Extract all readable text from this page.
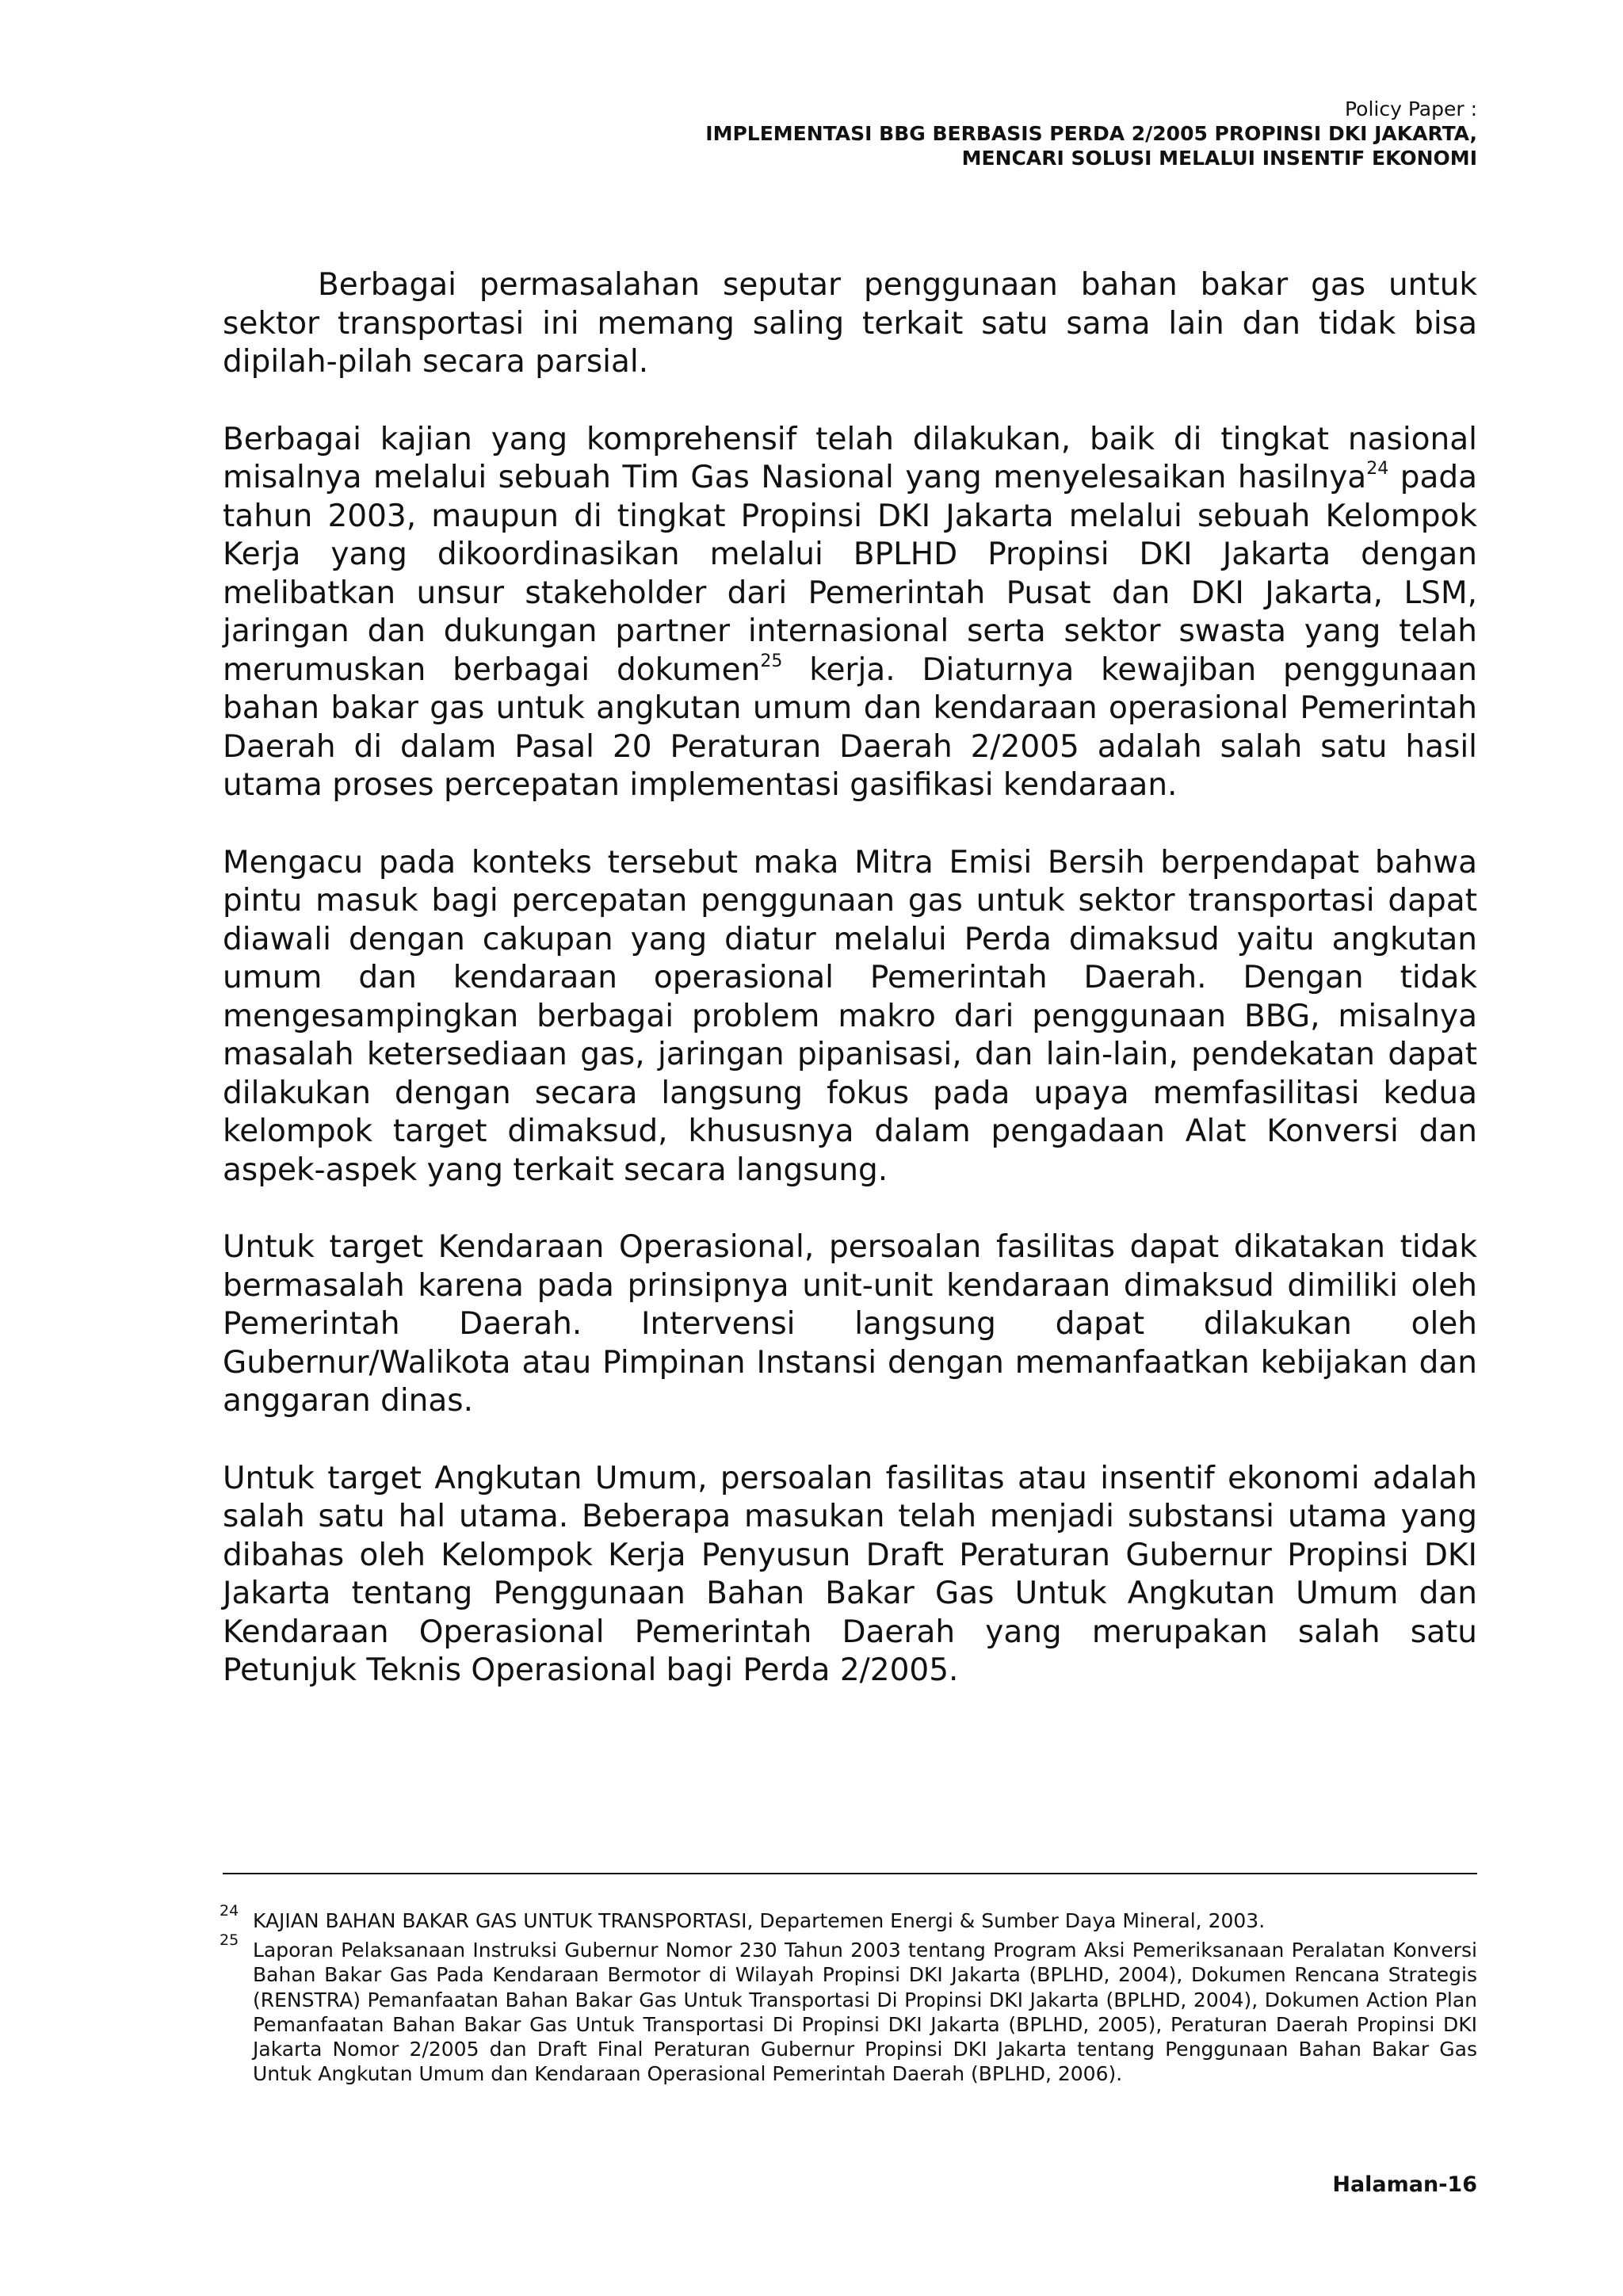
Policy Paper :
IMPLEMENTASI BBG BERBASIS PERDA 2/2005 PROPINSI DKI JAKARTA,
MENCARI SOLUSI MELALUI INSENTIF EKONOMI

Berbagai permasalahan seputar penggunaan bahan bakar gas untuk sektor transportasi ini memang saling terkait satu sama lain dan tidak bisa dipilah-pilah secara parsial.

Berbagai kajian yang komprehensif telah dilakukan, baik di tingkat nasional misalnya melalui sebuah Tim Gas Nasional yang menyelesaikan hasilnya$^{24}$ pada tahun 2003, maupun di tingkat Propinsi DKI Jakarta melalui sebuah Kelompok Kerja yang dikoordinasikan melalui BPLHD Propinsi DKI Jakarta dengan melibatkan unsur stakeholder dari Pemerintah Pusat dan DKI Jakarta, LSM, jaringan dan dukungan partner internasional serta sektor swasta yang telah merumuskan berbagai dokumen$^{25}$ kerja. Diaturnya kewajiban penggunaan bahan bakar gas untuk angkutan umum dan kendaraan operasional Pemerintah Daerah di dalam Pasal 20 Peraturan Daerah 2/2005 adalah salah satu hasil utama proses percepatan implementasi gasifikasi kendaraan.

Mengacu pada konteks tersebut maka Mitra Emisi Bersih berpendapat bahwa pintu masuk bagi percepatan penggunaan gas untuk sektor transportasi dapat diawali dengan cakupan yang diatur melalui Perda dimaksud yaitu angkutan umum dan kendaraan operasional Pemerintah Daerah. Dengan tidak mengesampingkan berbagai problem makro dari penggunaan BBG, misalnya masalah ketersediaan gas, jaringan pipanisasi, dan lain-lain, pendekatan dapat dilakukan dengan secara langsung fokus pada upaya memfasilitasi kedua kelompok target dimaksud, khususnya dalam pengadaan Alat Konversi dan aspek-aspek yang terkait secara langsung.

Untuk target Kendaraan Operasional, persoalan fasilitas dapat dikatakan tidak bermasalah karena pada prinsipnya unit-unit kendaraan dimaksud dimiliki oleh Pemerintah Daerah. Intervensi langsung dapat dilakukan oleh Gubernur/Walikota atau Pimpinan Instansi dengan memanfaatkan kebijakan dan anggaran dinas.

Untuk target Angkutan Umum, persoalan fasilitas atau insentif ekonomi adalah salah satu hal utama. Beberapa masukan telah menjadi substansi utama yang dibahas oleh Kelompok Kerja Penyusun Draft Peraturan Gubernur Propinsi DKI Jakarta tentang Penggunaan Bahan Bakar Gas Untuk Angkutan Umum dan Kendaraan Operasional Pemerintah Daerah yang merupakan salah satu Petunjuk Teknis Operasional bagi Perda 2/2005.

24 KAJIAN BAHAN BAKAR GAS UNTUK TRANSPORTASI, Departemen Energi & Sumber Daya Mineral, 2003.
25 Laporan Pelaksanaan Instruksi Gubernur Nomor 230 Tahun 2003 tentang Program Aksi Pemeriksanaan Peralatan Konversi Bahan Bakar Gas Pada Kendaraan Bermotor di Wilayah Propinsi DKI Jakarta (BPLHD, 2004), Dokumen Rencana Strategis (RENSTRA) Pemanfaatan Bahan Bakar Gas Untuk Transportasi Di Propinsi DKI Jakarta (BPLHD, 2004), Dokumen Action Plan Pemanfaatan Bahan Bakar Gas Untuk Transportasi Di Propinsi DKI Jakarta (BPLHD, 2005), Peraturan Daerah Propinsi DKI Jakarta Nomor 2/2005 dan Draft Final Peraturan Gubernur Propinsi DKI Jakarta tentang Penggunaan Bahan Bakar Gas Untuk Angkutan Umum dan Kendaraan Operasional Pemerintah Daerah (BPLHD, 2006).
Halaman-16
